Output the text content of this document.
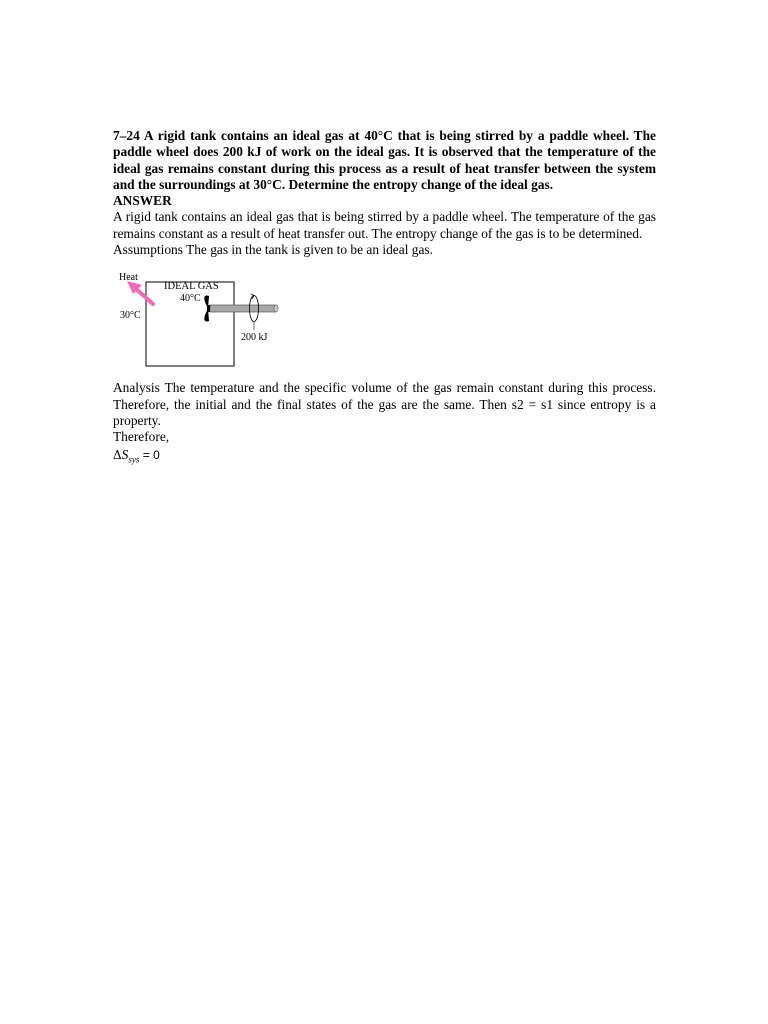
7–24 A rigid tank contains an ideal gas at 40°C that is being stirred by a paddle wheel. The paddle wheel does 200 kJ of work on the ideal gas. It is observed that the temperature of the ideal gas remains constant during this process as a result of heat transfer between the system and the surroundings at 30°C. Determine the entropy change of the ideal gas.

ANSWER

A rigid tank contains an ideal gas that is being stirred by a paddle wheel. The temperature of the gas remains constant as a result of heat transfer out. The entropy change of the gas is to be determined.

Assumptions The gas in the tank is given to be an ideal gas.

Heat
IDEAL GAS
40°C
30°C
200 kJ

Analysis The temperature and the specific volume of the gas remain constant during this process. Therefore, the initial and the final states of the gas are the same. Then s2 = s1 since entropy is a property.

Therefore,

$\Delta S_{sys} = 0$
